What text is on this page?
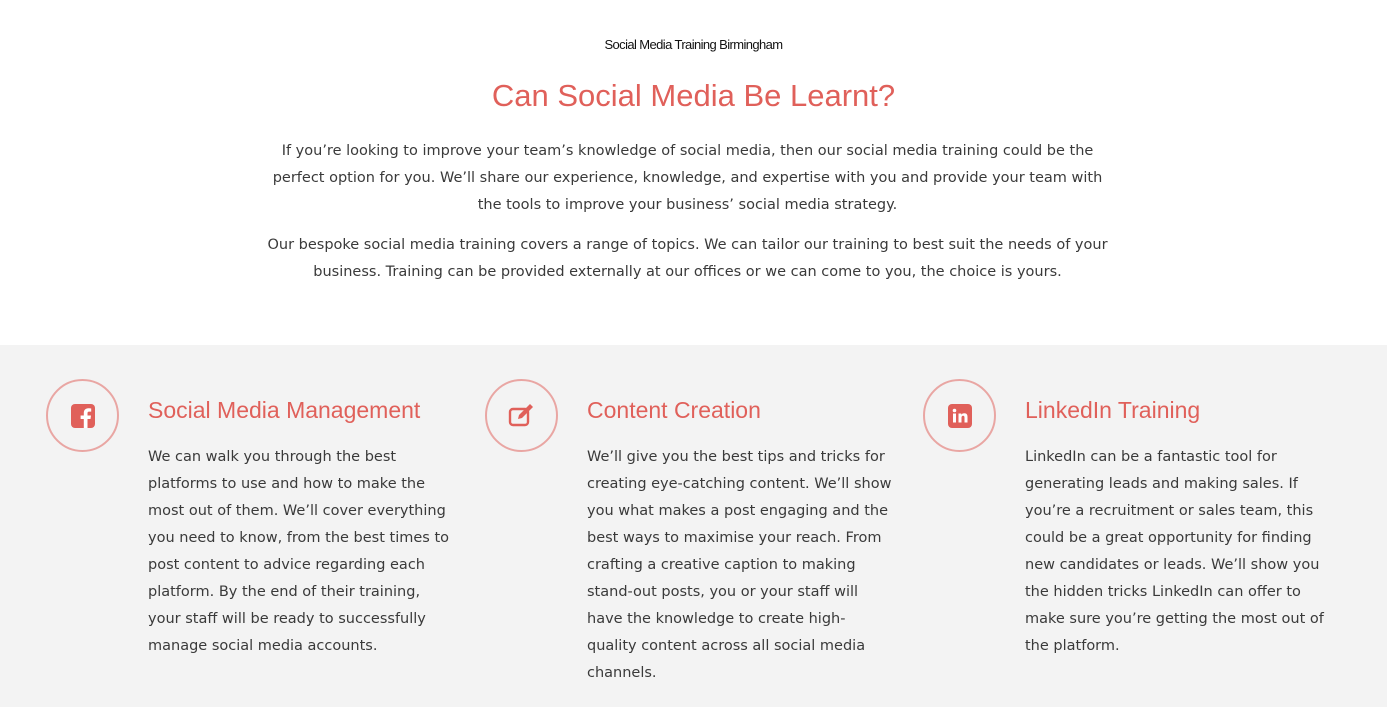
Social Media Training Birmingham
Can Social Media Be Learnt?

If you’re looking to improve your team’s knowledge of social media, then our social media training could be the perfect option for you. We’ll share our experience, knowledge, and expertise with you and provide your team with the tools to improve your business’ social media strategy.

Our bespoke social media training covers a range of topics. We can tailor our training to best suit the needs of your business. Training can be provided externally at our offices or we can come to you, the choice is yours.

Social Media Management

We can walk you through the best platforms to use and how to make the most out of them. We’ll cover everything you need to know, from the best times to post content to advice regarding each platform. By the end of their training, your staff will be ready to successfully manage social media accounts.

Content Creation

We’ll give you the best tips and tricks for creating eye-catching content. We’ll show you what makes a post engaging and the best ways to maximise your reach. From crafting a creative caption to making stand-out posts, you or your staff will have the knowledge to create high-quality content across all social media channels.

LinkedIn Training

LinkedIn can be a fantastic tool for generating leads and making sales. If you’re a recruitment or sales team, this could be a great opportunity for finding new candidates or leads. We’ll show you the hidden tricks LinkedIn can offer to make sure you’re getting the most out of the platform.
